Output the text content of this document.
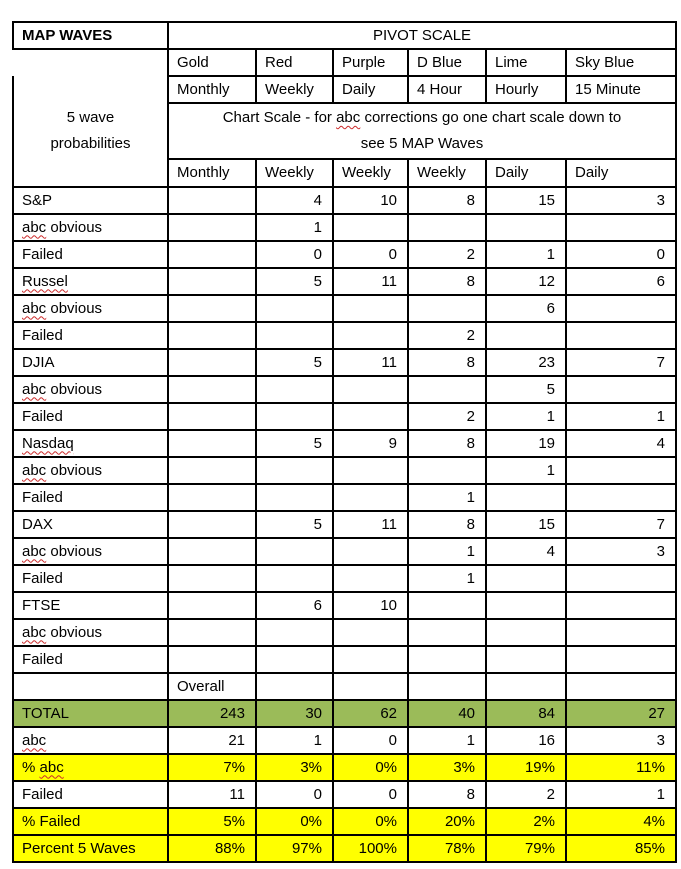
MAP WAVES	PIVOT SCALE					
	Gold	Red	Purple	D Blue	Lime	Sky Blue

5 wave
probabilities	Monthly	Weekly	Daily	4 Hour	Hourly	15 Minute
	Chart Scale - for abc corrections go one chart scale down to
see 5 MAP Waves					
	Monthly	Weekly	Weekly	Weekly	Daily	Daily
S&P		4	10	8	15	3
abc obvious		1				
Failed		0	0	2	1	0
Russel		5	11	8	12	6
abc obvious					6	
Failed				2		
DJIA		5	11	8	23	7
abc obvious					5	
Failed				2	1	1
Nasdaq		5	9	8	19	4
abc obvious					1	
Failed				1		
DAX		5	11	8	15	7
abc obvious				1	4	3
Failed				1		
FTSE		6	10			
abc obvious						
Failed						
	Overall					
TOTAL	243	30	62	40	84	27
abc	21	1	0	1	16	3
% abc	7%	3%	0%	3%	19%	11%
Failed	11	0	0	8	2	1
% Failed	5%	0%	0%	20%	2%	4%
Percent 5 Waves	88%	97%	100%	78%	79%	85%
